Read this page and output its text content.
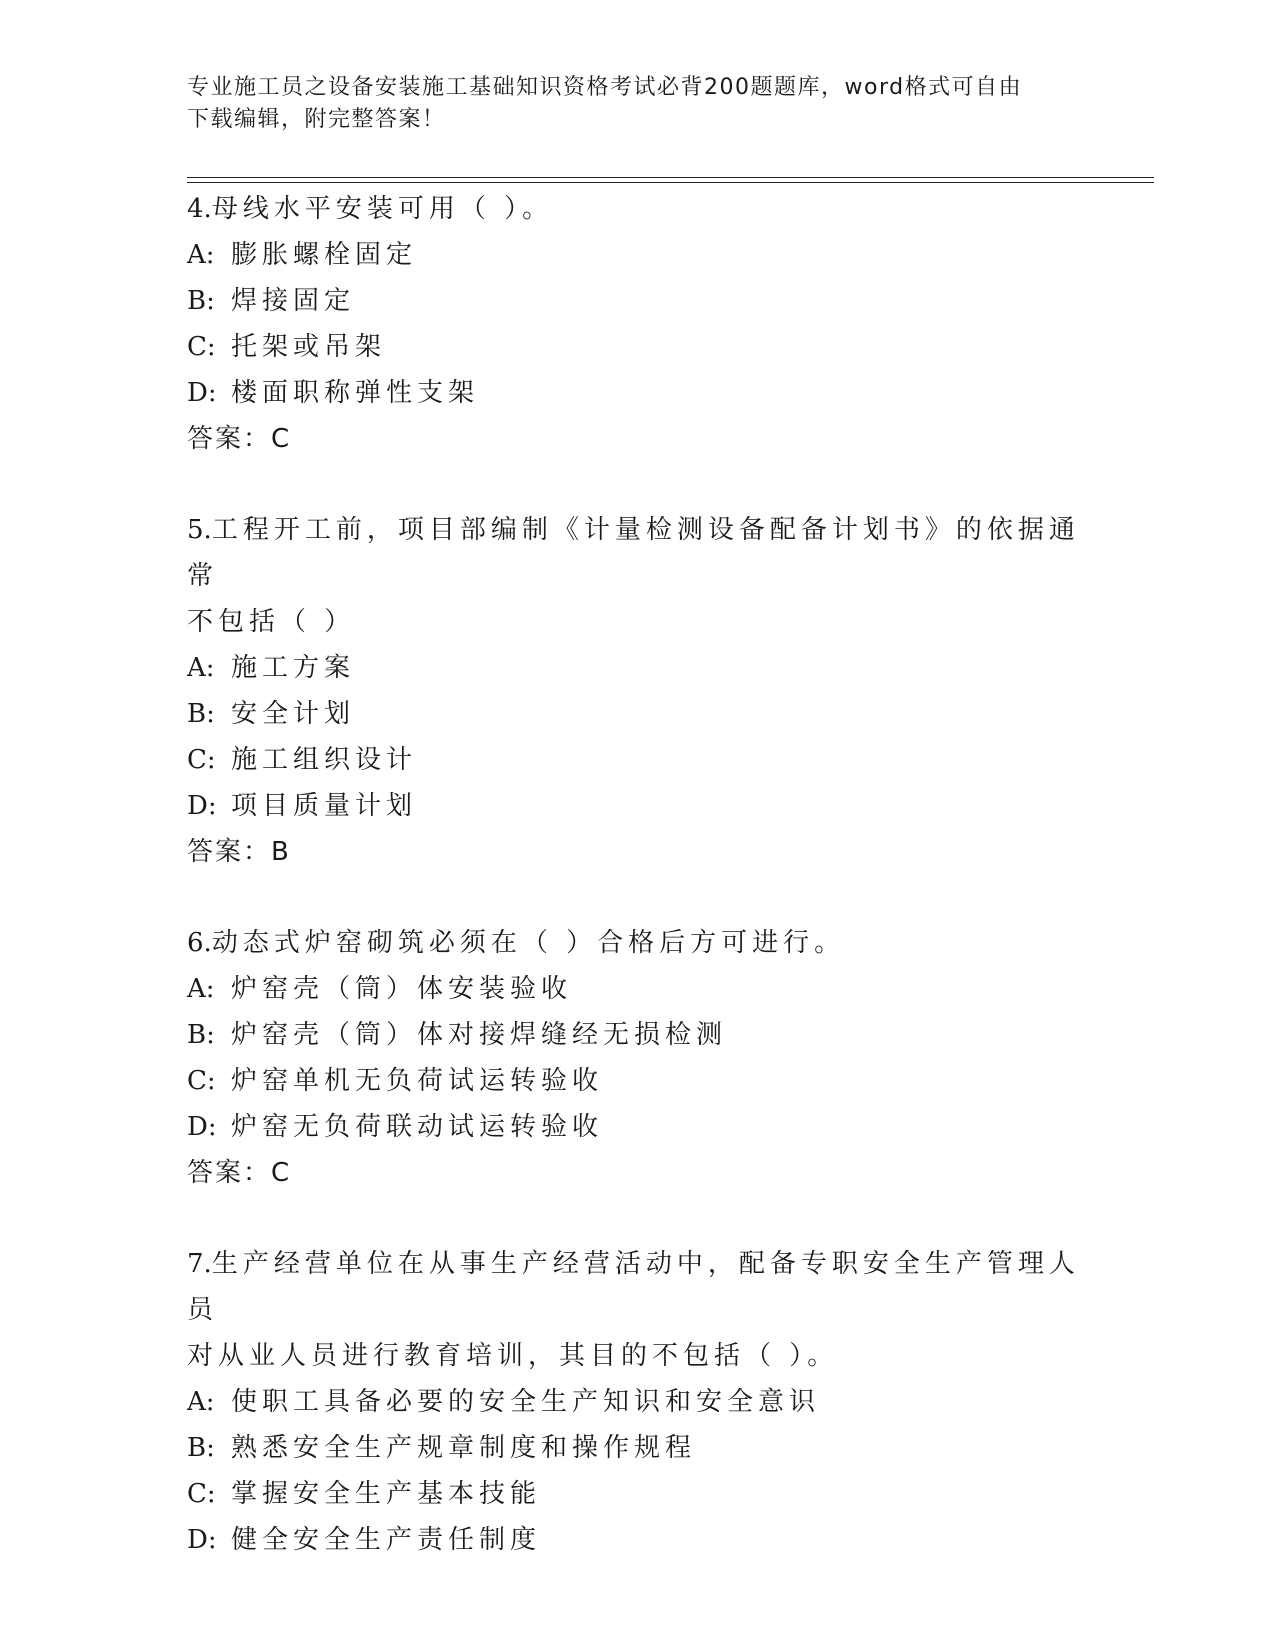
专业施工员之设备安装施工基础知识资格考试必背200题题库，word格式可自由
下载编辑，附完整答案！
4.母线水平安装可用（ ）。
A: 膨胀螺栓固定
B: 焊接固定
C: 托架或吊架
D: 楼面职称弹性支架
答案：C
5.工程开工前，项目部编制《计量检测设备配备计划书》的依据通常
不包括（ ）
A: 施工方案
B: 安全计划
C: 施工组织设计
D: 项目质量计划
答案：B
6.动态式炉窑砌筑必须在（ ）合格后方可进行。
A: 炉窑壳（筒）体安装验收
B: 炉窑壳（筒）体对接焊缝经无损检测
C: 炉窑单机无负荷试运转验收
D: 炉窑无负荷联动试运转验收
答案：C
7.生产经营单位在从事生产经营活动中，配备专职安全生产管理人员
对从业人员进行教育培训，其目的不包括（ ）。
A: 使职工具备必要的安全生产知识和安全意识
B: 熟悉安全生产规章制度和操作规程
C: 掌握安全生产基本技能
D: 健全安全生产责任制度
